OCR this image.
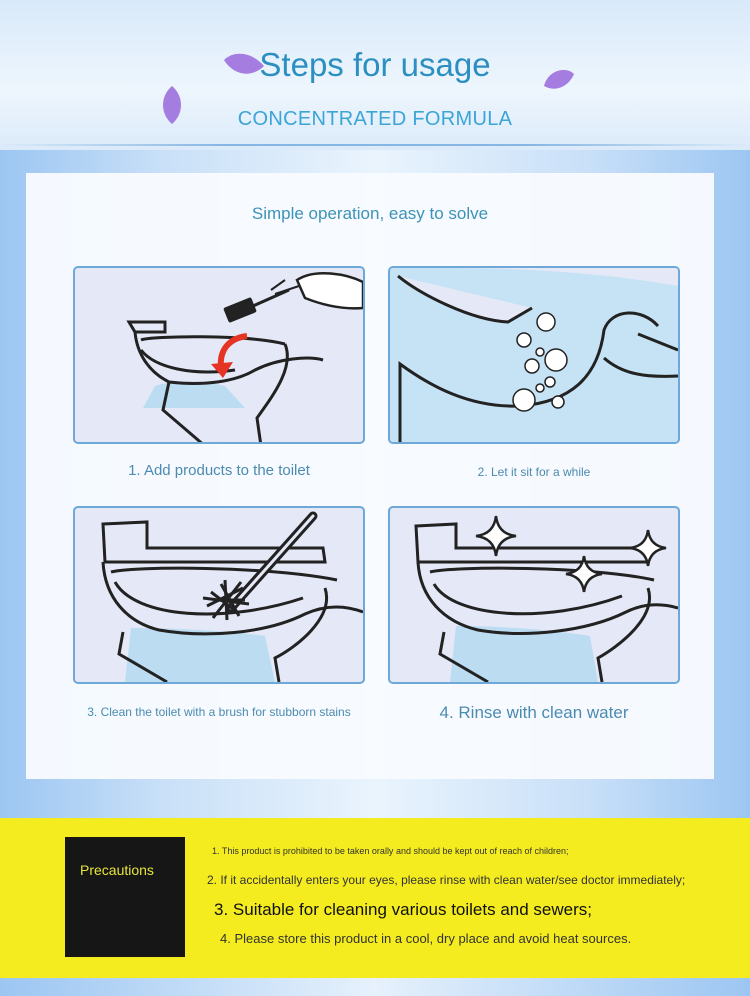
Steps for usage
CONCENTRATED FORMULA
Simple operation, easy to solve
1. Add products to the toilet	2. Let it sit for a while
3. Clean the toilet with a brush for stubborn stains	4. Rinse with clean water
Precautions
1. This product is prohibited to be taken orally and should be kept out of reach of children;
2. If it accidentally enters your eyes, please rinse with clean water/see doctor immediately;
3. Suitable for cleaning various toilets and sewers;
4. Please store this product in a cool, dry place and avoid heat sources.
